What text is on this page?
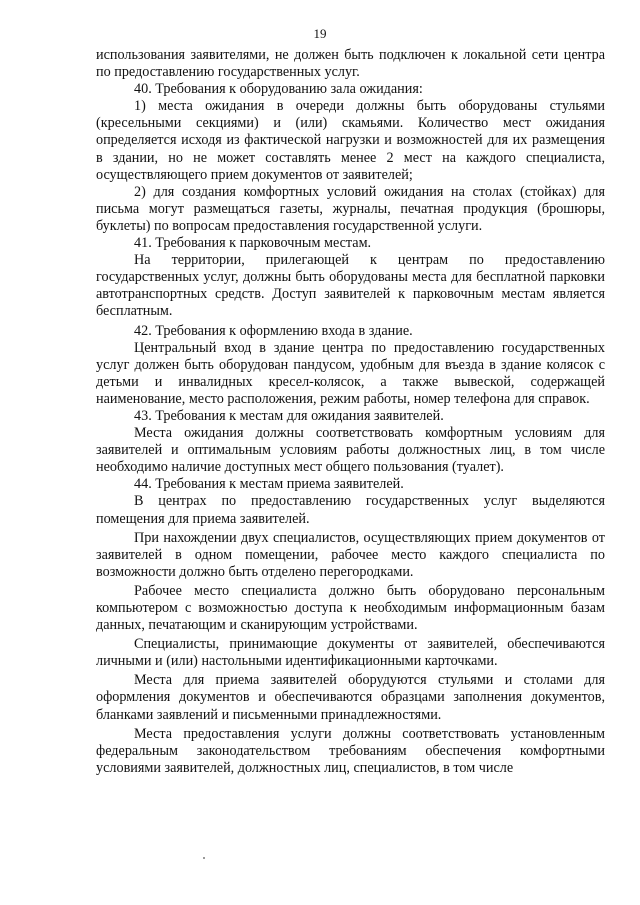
19

использования заявителями, не должен быть подключен к локальной сети центра по предоставлению государственных услуг.

40. Требования к оборудованию зала ожидания:

1) места ожидания в очереди должны быть оборудованы стульями (кресельными секциями) и (или) скамьями. Количество мест ожидания определяется исходя из фактической нагрузки и возможностей для их размещения в здании, но не может составлять менее 2 мест на каждого специалиста, осуществляющего прием документов от заявителей;

2) для создания комфортных условий ожидания на столах (стойках) для письма могут размещаться газеты, журналы, печатная продукция (брошюры, буклеты) по вопросам предоставления государственной услуги.

41. Требования к парковочным местам.

На территории, прилегающей к центрам по предоставлению государственных услуг, должны быть оборудованы места для бесплатной парковки автотранспортных средств. Доступ заявителей к парковочным местам является бесплатным.

42. Требования к оформлению входа в здание.

Центральный вход в здание центра по предоставлению государственных услуг должен быть оборудован пандусом, удобным для въезда в здание колясок с детьми и инвалидных кресел-колясок, а также вывеской, содержащей наименование, место расположения, режим работы, номер телефона для справок.

43. Требования к местам для ожидания заявителей.

Места ожидания должны соответствовать комфортным условиям для заявителей и оптимальным условиям работы должностных лиц, в том числе необходимо наличие доступных мест общего пользования (туалет).

44. Требования к местам приема заявителей.

В центрах по предоставлению государственных услуг выделяются помещения для приема заявителей.

При нахождении двух специалистов, осуществляющих прием документов от заявителей в одном помещении, рабочее место каждого специалиста по возможности должно быть отделено перегородками.

Рабочее место специалиста должно быть оборудовано персональным компьютером с возможностью доступа к необходимым информационным базам данных, печатающим и сканирующим устройствами.

Специалисты, принимающие документы от заявителей, обеспечиваются личными и (или) настольными идентификационными карточками.

Места для приема заявителей оборудуются стульями и столами для оформления документов и обеспечиваются образцами заполнения документов, бланками заявлений и письменными принадлежностями.

Места предоставления услуги должны соответствовать установленным федеральным законодательством требованиям обеспечения комфортными условиями заявителей, должностных лиц, специалистов, в том числе
